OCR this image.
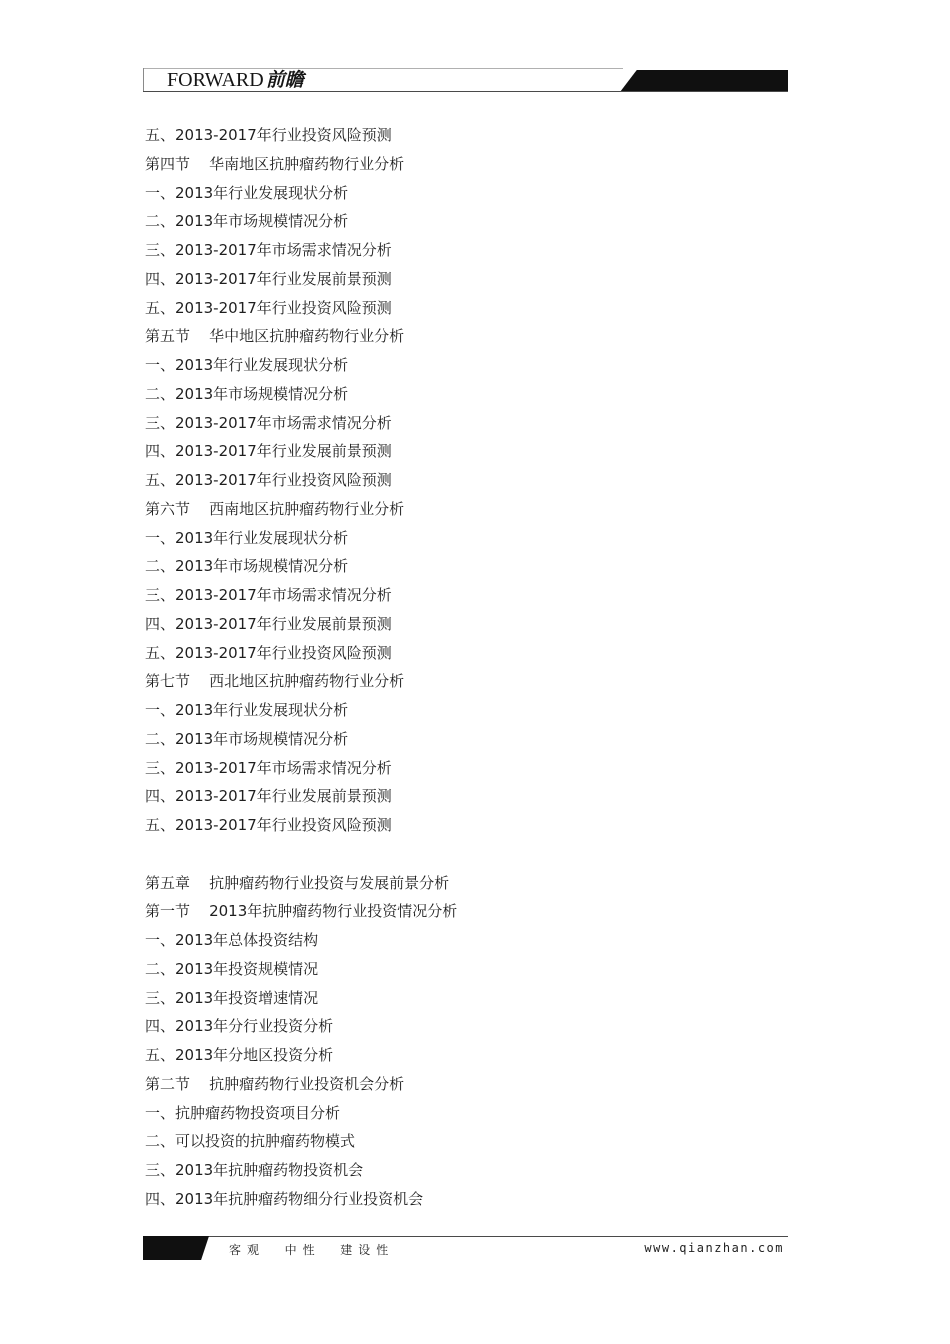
FORWARD 前瞻
五、2013-2017年行业投资风险预测
第四节    华南地区抗肿瘤药物行业分析
一、2013年行业发展现状分析
二、2013年市场规模情况分析
三、2013-2017年市场需求情况分析
四、2013-2017年行业发展前景预测
五、2013-2017年行业投资风险预测
第五节    华中地区抗肿瘤药物行业分析
一、2013年行业发展现状分析
二、2013年市场规模情况分析
三、2013-2017年市场需求情况分析
四、2013-2017年行业发展前景预测
五、2013-2017年行业投资风险预测
第六节    西南地区抗肿瘤药物行业分析
一、2013年行业发展现状分析
二、2013年市场规模情况分析
三、2013-2017年市场需求情况分析
四、2013-2017年行业发展前景预测
五、2013-2017年行业投资风险预测
第七节    西北地区抗肿瘤药物行业分析
一、2013年行业发展现状分析
二、2013年市场规模情况分析
三、2013-2017年市场需求情况分析
四、2013-2017年行业发展前景预测
五、2013-2017年行业投资风险预测
第五章    抗肿瘤药物行业投资与发展前景分析
第一节    2013年抗肿瘤药物行业投资情况分析
一、2013年总体投资结构
二、2013年投资规模情况
三、2013年投资增速情况
四、2013年分行业投资分析
五、2013年分地区投资分析
第二节    抗肿瘤药物行业投资机会分析
一、抗肿瘤药物投资项目分析
二、可以投资的抗肿瘤药物模式
三、2013年抗肿瘤药物投资机会
四、2013年抗肿瘤药物细分行业投资机会
客观  中性  建设性	www.qianzhan.com
